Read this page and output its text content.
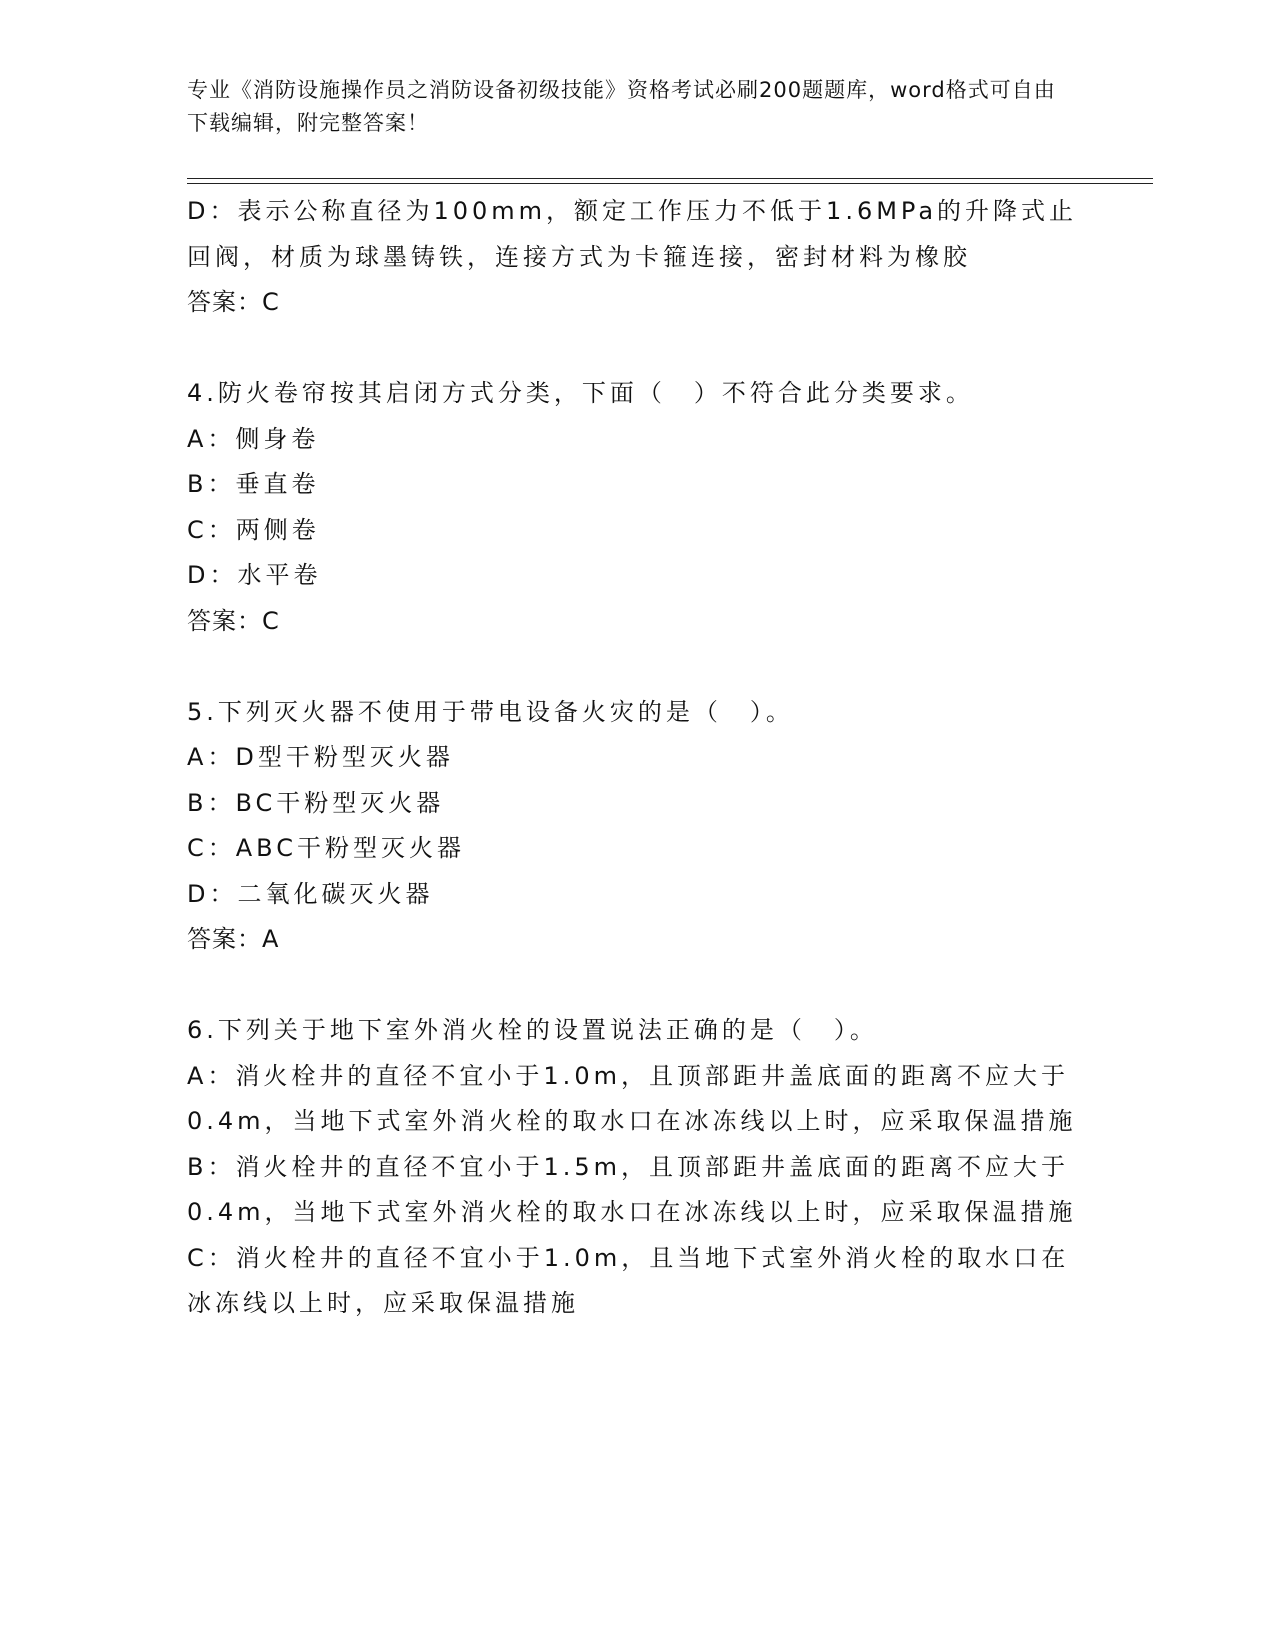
专业《消防设施操作员之消防设备初级技能》资格考试必刷200题题库，word格式可自由下载编辑，附完整答案！
D：表示公称直径为100mm，额定工作压力不低于1.6MPa的升降式止回阀，材质为球墨铸铁，连接方式为卡箍连接，密封材料为橡胶
答案：C
4.防火卷帘按其启闭方式分类，下面（　）不符合此分类要求。
A：侧身卷
B：垂直卷
C：两侧卷
D：水平卷
答案：C
5.下列灭火器不使用于带电设备火灾的是（　）。
A：D型干粉型灭火器
B：BC干粉型灭火器
C：ABC干粉型灭火器
D：二氧化碳灭火器
答案：A
6.下列关于地下室外消火栓的设置说法正确的是（　）。
A：消火栓井的直径不宜小于1.0m，且顶部距井盖底面的距离不应大于0.4m，当地下式室外消火栓的取水口在冰冻线以上时，应采取保温措施
B：消火栓井的直径不宜小于1.5m，且顶部距井盖底面的距离不应大于0.4m，当地下式室外消火栓的取水口在冰冻线以上时，应采取保温措施
C：消火栓井的直径不宜小于1.0m，且当地下式室外消火栓的取水口在冰冻线以上时，应采取保温措施
